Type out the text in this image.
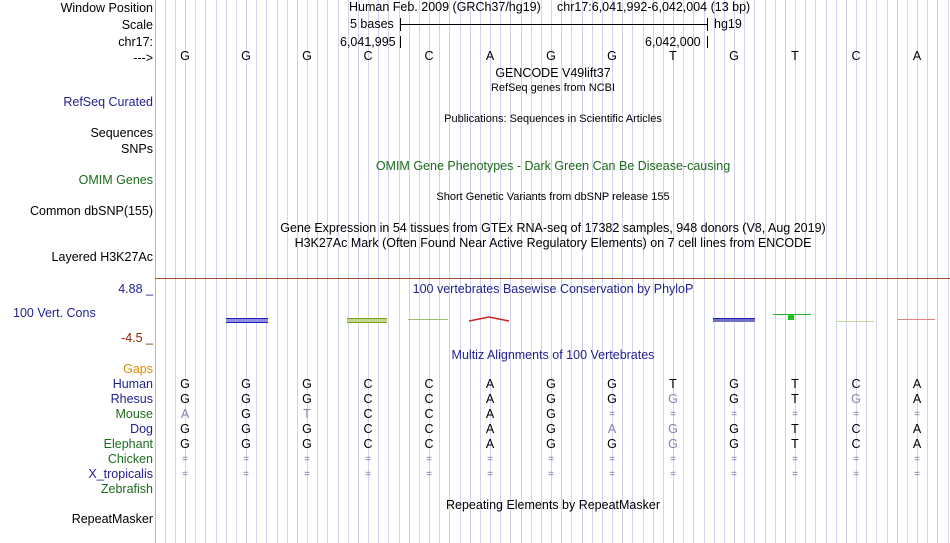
Window Position
Scale
chr17:
--->
Human Feb. 2009 (GRCh37/hg19) chr17:6,041,992-6,042,004 (13 bp)
5 bases	hg19
6,041,995	6,042,000
G	G	G	C	C	A	G	G	T	G	T	C	A
GENCODE V49lift37
RefSeq genes from NCBI
RefSeq Curated
Sequences
Publications: Sequences in Scientific Articles
SNPs
OMIM Gene Phenotypes - Dark Green Can Be Disease-causing
OMIM Genes
Short Genetic Variants from dbSNP release 155
Common dbSNP(155)
Gene Expression in 54 tissues from GTEx RNA-seq of 17382 samples, 948 donors (V8, Aug 2019)
H3K27Ac Mark (Often Found Near Active Regulatory Elements) on 7 cell lines from ENCODE
Layered H3K27Ac
4.88 _	100 vertebrates Basewise Conservation by PhyloP
100 Vert. Cons
-4.5 _
Gaps
Multiz Alignments of 100 Vertebrates
Human G	G	G	C	C	A	G	G	T	G	T	C	A
Rhesus G	G	G	C	C	A	G	G	G	G	T	G	A
Mouse A	G	T	C	C	A	G	=	=	=	=	=	=
Dog G	G	G	C	C	A	G	A	G	G	T	C	A
Elephant G	G	G	C	C	A	G	G	G	G	T	C	A
Chicken	=	=	=	=	=	=	=	=	=	=	=	=	=
X_tropicalis	=	=	=	=	=	=	=	=	=	=	=	=	=
Zebrafish
Repeating Elements by RepeatMasker
RepeatMasker
